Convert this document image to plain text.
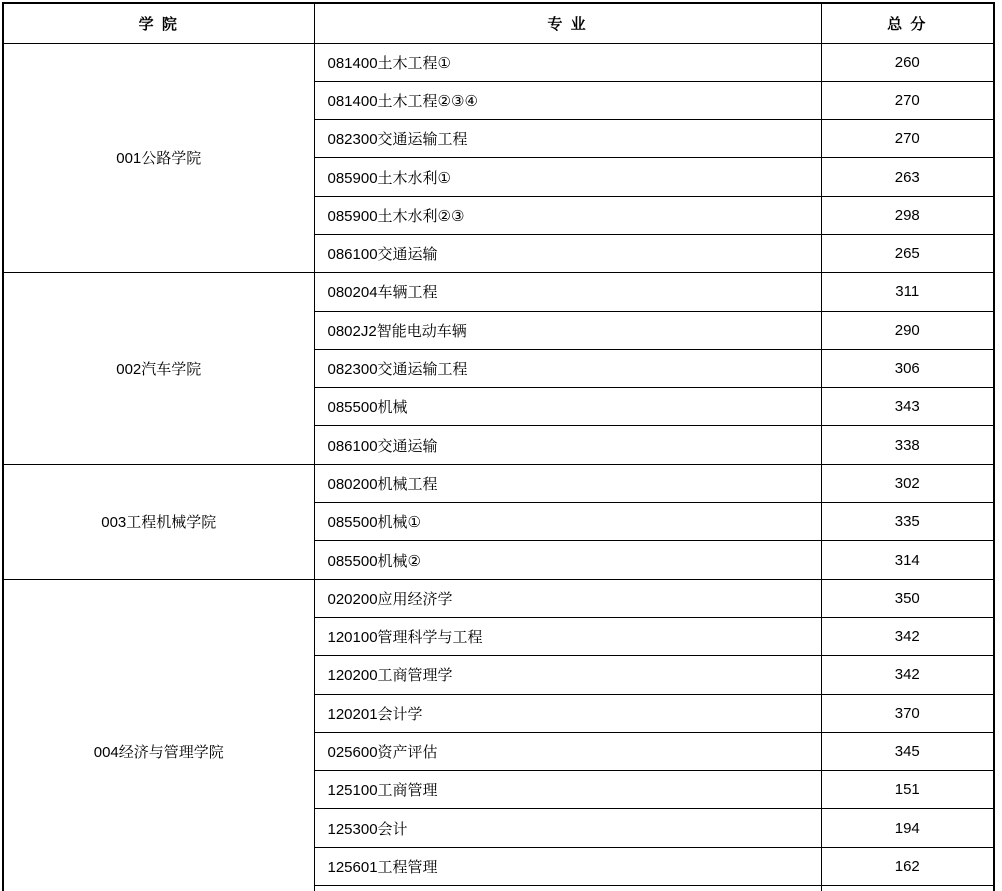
学 院	专 业	总 分
001公路学院	081400土木工程①	260
	081400土木工程②③④	270
	082300交通运输工程	270
	085900土木水利①	263
	085900土木水利②③	298
	086100交通运输	265
002汽车学院	080204车辆工程	311
	0802J2智能电动车辆	290
	082300交通运输工程	306
	085500机械	343
	086100交通运输	338
003工程机械学院	080200机械工程	302
	085500机械①	335
	085500机械②	314
004经济与管理学院	020200应用经济学	350
	120100管理科学与工程	342
	120200工商管理学	342
	120201会计学	370
	025600资产评估	345
	125100工商管理	151
	125300会计	194
	125601工程管理	162
